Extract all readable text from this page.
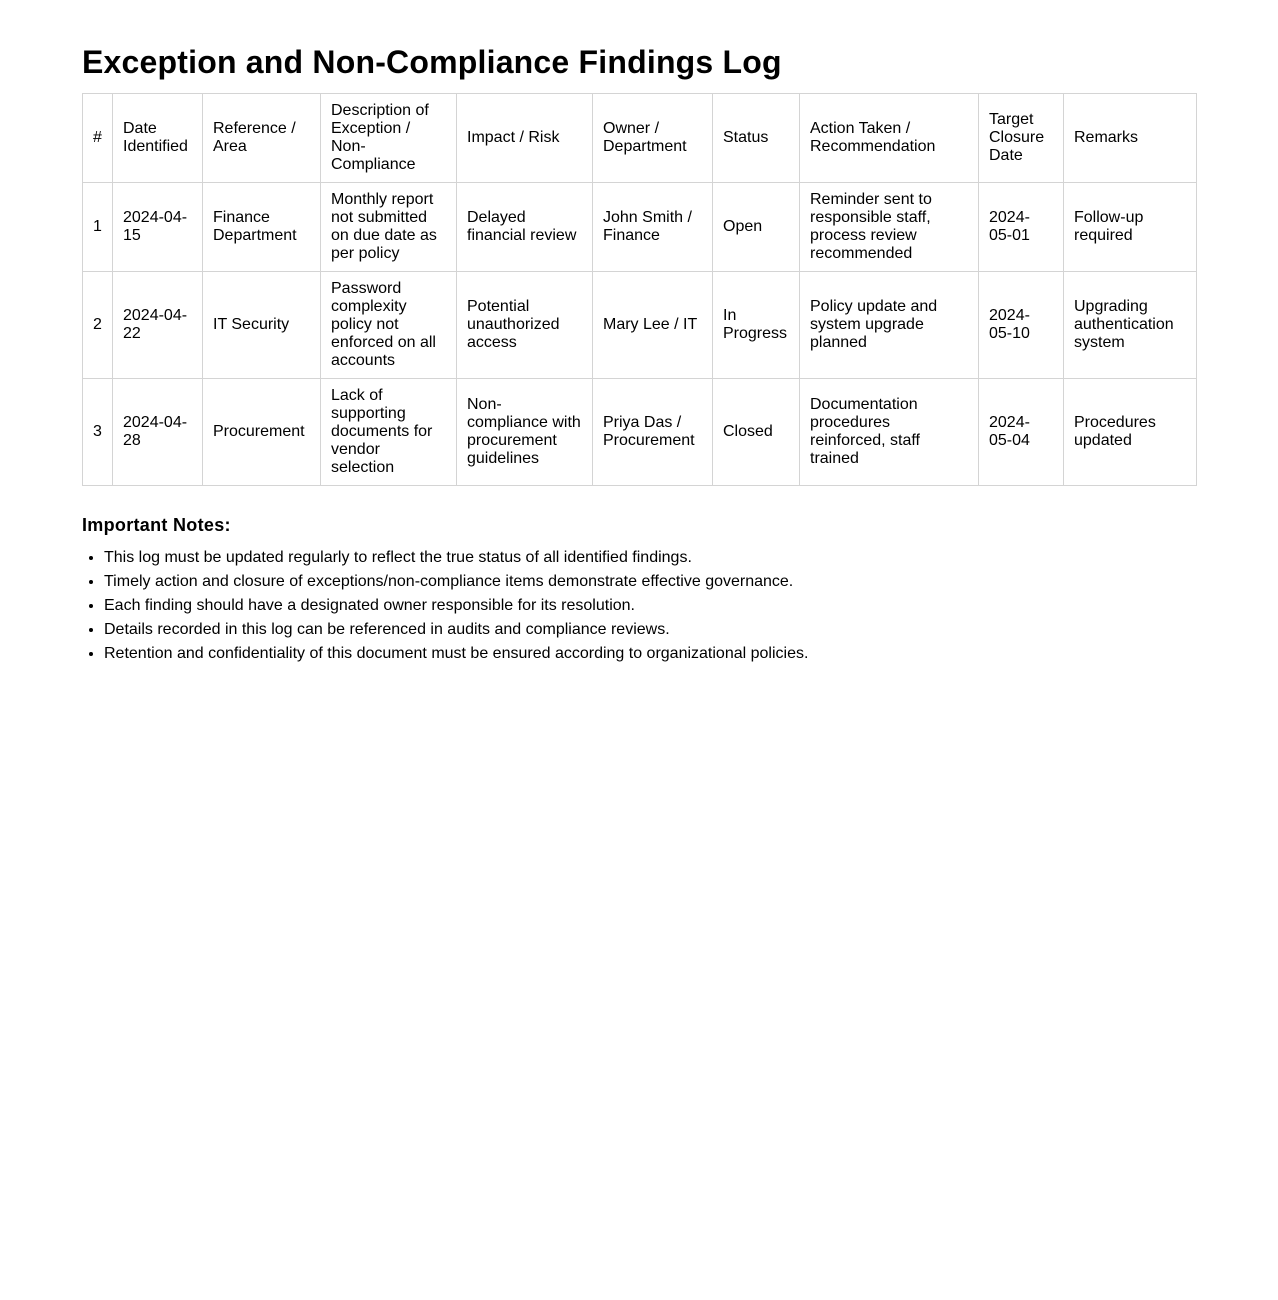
Exception and Non-Compliance Findings Log
#	Date Identified	Reference / Area	Description of Exception / Non-Compliance	Impact / Risk	Owner / Department	Status	Action Taken / Recommendation	Target Closure Date	Remarks
1	2024-04-15	Finance Department	Monthly report not submitted on due date as per policy	Delayed financial review	John Smith / Finance	Open	Reminder sent to responsible staff, process review recommended	2024-05-01	Follow-up required
2	2024-04-22	IT Security	Password complexity policy not enforced on all accounts	Potential unauthorized access	Mary Lee / IT	In Progress	Policy update and system upgrade planned	2024-05-10	Upgrading authentication system
3	2024-04-28	Procurement	Lack of supporting documents for vendor selection	Non-compliance with procurement guidelines	Priya Das / Procurement	Closed	Documentation procedures reinforced, staff trained	2024-05-04	Procedures updated
Important Notes:
• This log must be updated regularly to reflect the true status of all identified findings.
• Timely action and closure of exceptions/non-compliance items demonstrate effective governance.
• Each finding should have a designated owner responsible for its resolution.
• Details recorded in this log can be referenced in audits and compliance reviews.
• Retention and confidentiality of this document must be ensured according to organizational policies.
